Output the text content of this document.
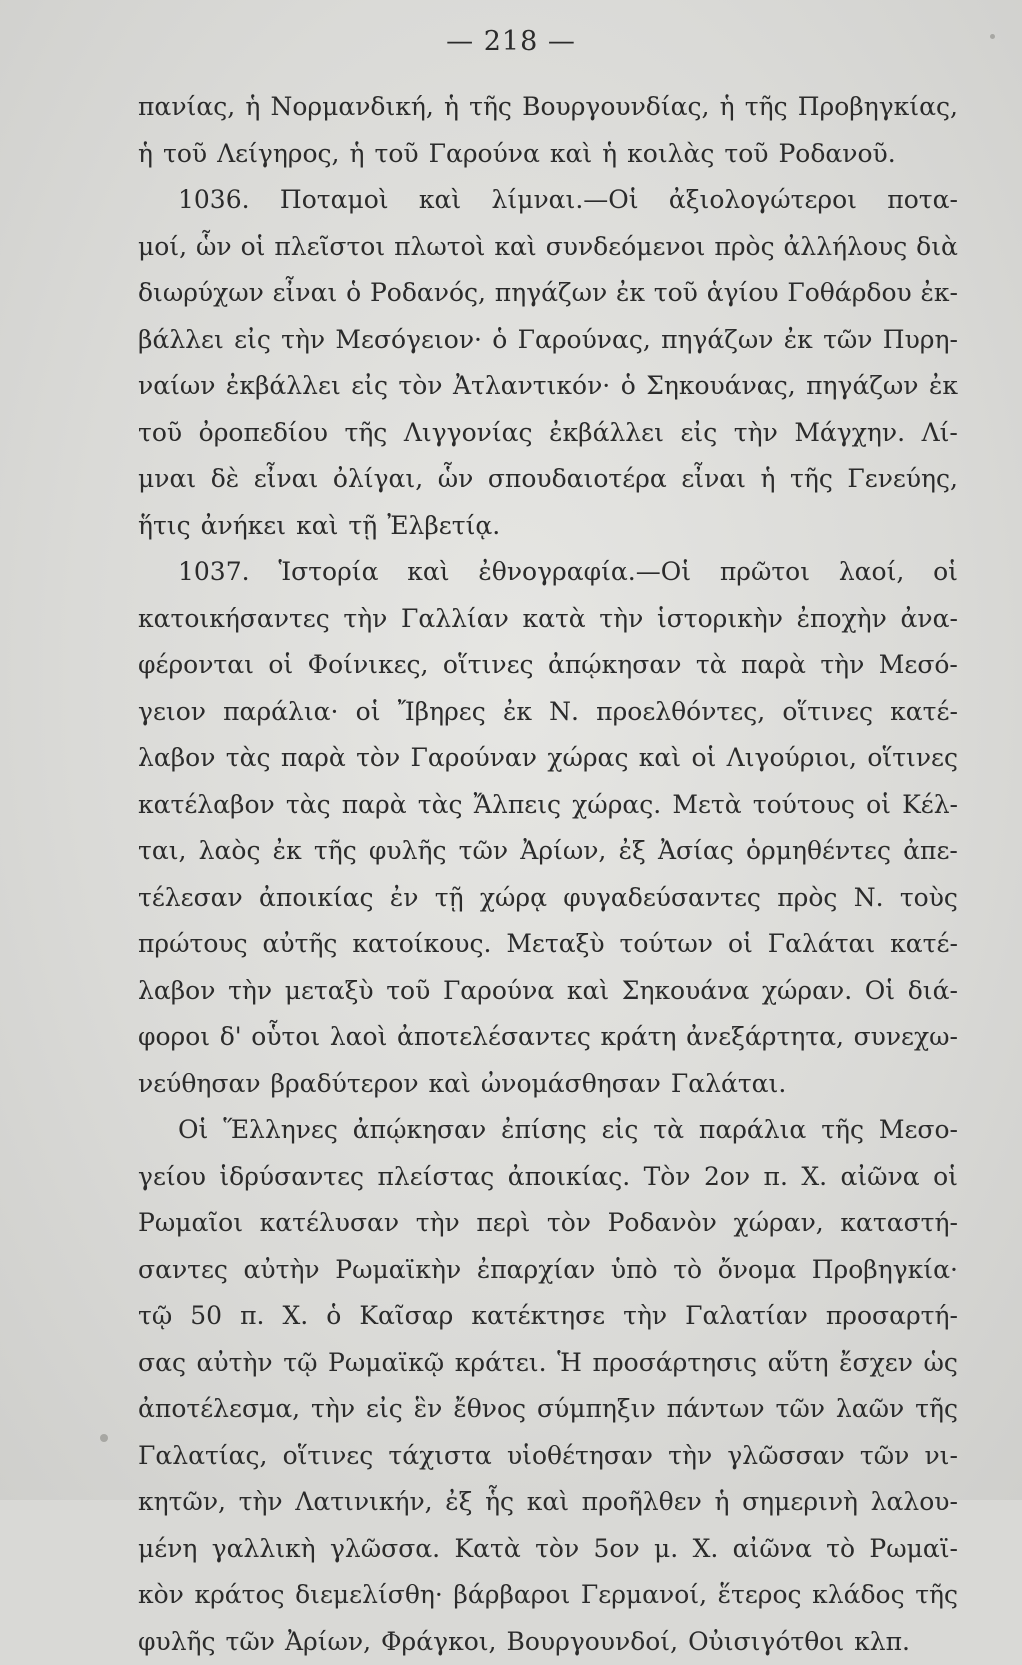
— 218 —
πανίας, ἡ Νορμανδική, ἡ τῆς Βουργουνδίας, ἡ τῆς Προβηγκίας,
ἡ τοῦ Λείγηρος, ἡ τοῦ Γαρούνα καὶ ἡ κοιλὰς τοῦ Ροδανοῦ.
1036. Ποταμοὶ καὶ λίμναι.—Οἱ ἀξιολογώτεροι ποτα-
μοί, ὧν οἱ πλεῖστοι πλωτοὶ καὶ συνδεόμενοι πρὸς ἀλλήλους διὰ
διωρύχων εἶναι ὁ Ροδανός, πηγάζων ἐκ τοῦ ἁγίου Γοθάρδου ἐκ-
βάλλει εἰς τὴν Μεσόγειον· ὁ Γαρούνας, πηγάζων ἐκ τῶν Πυρη-
ναίων ἐκβάλλει εἰς τὸν Ἀτλαντικόν· ὁ Σηκουάνας, πηγάζων ἐκ
τοῦ ὀροπεδίου τῆς Λιγγονίας ἐκβάλλει εἰς τὴν Μάγχην. Λί-
μναι δὲ εἶναι ὀλίγαι, ὧν σπουδαιοτέρα εἶναι ἡ τῆς Γενεύης,
ἥτις ἀνήκει καὶ τῇ Ἐλβετίᾳ.
1037. Ἱστορία καὶ ἐθνογραφία.—Οἱ πρῶτοι λαοί, οἱ
κατοικήσαντες τὴν Γαλλίαν κατὰ τὴν ἱστορικὴν ἐποχὴν ἀνα-
φέρονται οἱ Φοίνικες, οἵτινες ἀπῴκησαν τὰ παρὰ τὴν Μεσό-
γειον παράλια· οἱ Ἴβηρες ἐκ Ν. προελθόντες, οἵτινες κατέ-
λαβον τὰς παρὰ τὸν Γαρούναν χώρας καὶ οἱ Λιγούριοι, οἵτινες
κατέλαβον τὰς παρὰ τὰς Ἄλπεις χώρας. Μετὰ τούτους οἱ Κέλ-
ται, λαὸς ἐκ τῆς φυλῆς τῶν Ἀρίων, ἐξ Ἀσίας ὁρμηθέντες ἀπε-
τέλεσαν ἀποικίας ἐν τῇ χώρᾳ φυγαδεύσαντες πρὸς Ν. τοὺς
πρώτους αὐτῆς κατοίκους. Μεταξὺ τούτων οἱ Γαλάται κατέ-
λαβον τὴν μεταξὺ τοῦ Γαρούνα καὶ Σηκουάνα χώραν. Οἱ διά-
φοροι δ' οὗτοι λαοὶ ἀποτελέσαντες κράτη ἀνεξάρτητα, συνεχω-
νεύθησαν βραδύτερον καὶ ὠνομάσθησαν Γαλάται.
Οἱ Ἕλληνες ἀπῴκησαν ἐπίσης εἰς τὰ παράλια τῆς Μεσο-
γείου ἱδρύσαντες πλείστας ἀποικίας. Τὸν 2ον π. Χ. αἰῶνα οἱ
Ρωμαῖοι κατέλυσαν τὴν περὶ τὸν Ροδανὸν χώραν, καταστή-
σαντες αὐτὴν Ρωμαϊκὴν ἐπαρχίαν ὑπὸ τὸ ὄνομα Προβηγκία·
τῷ 50 π. Χ. ὁ Καῖσαρ κατέκτησε τὴν Γαλατίαν προσαρτή-
σας αὐτὴν τῷ Ρωμαϊκῷ κράτει. Ἡ προσάρτησις αὕτη ἔσχεν ὡς
ἀποτέλεσμα, τὴν εἰς ἓν ἔθνος σύμπηξιν πάντων τῶν λαῶν τῆς
Γαλατίας, οἵτινες τάχιστα υἱοθέτησαν τὴν γλῶσσαν τῶν νι-
κητῶν, τὴν Λατινικήν, ἐξ ἧς καὶ προῆλθεν ἡ σημερινὴ λαλου-
μένη γαλλικὴ γλῶσσα. Κατὰ τὸν 5ον μ. Χ. αἰῶνα τὸ Ρωμαϊ-
κὸν κράτος διεμελίσθη· βάρβαροι Γερμανοί, ἕτερος κλάδος τῆς
φυλῆς τῶν Ἀρίων, Φράγκοι, Βουργουνδοί, Οὐισιγότθοι κλπ.
